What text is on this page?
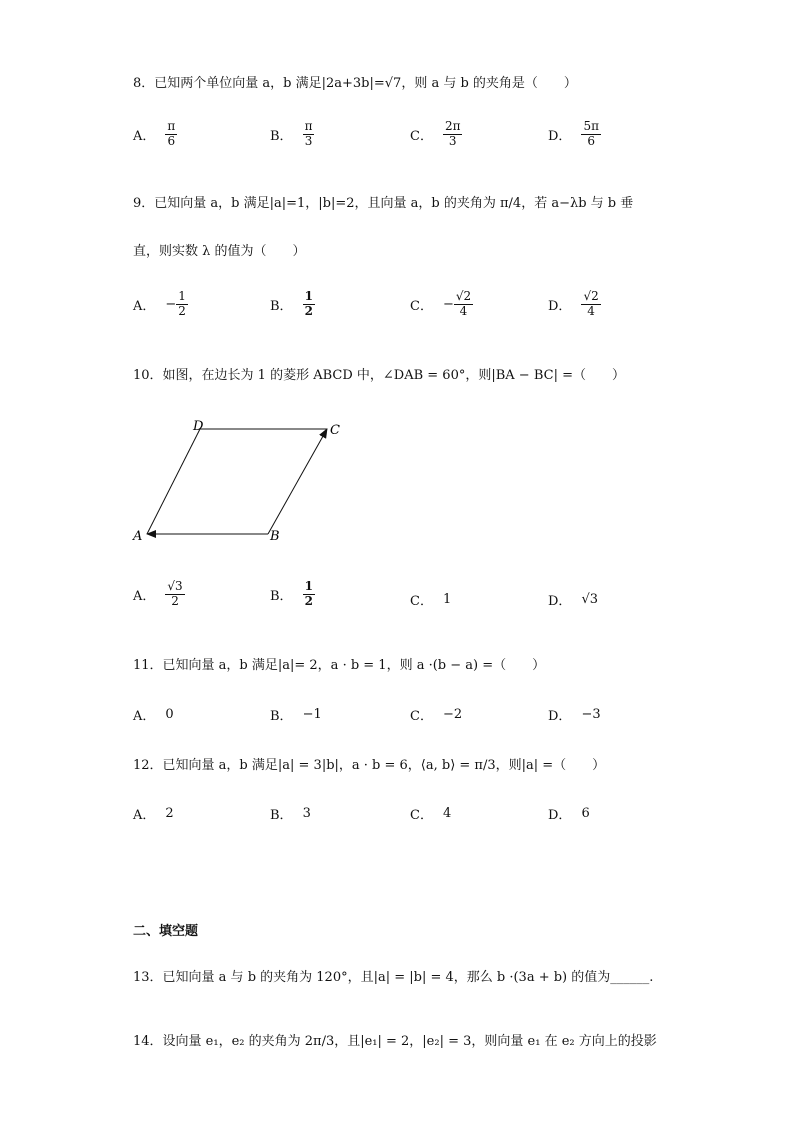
8．已知两个单位向量 a，b 满足|2a+3b|=√7，则 a 与 b 的夹角是（　　）
A． $\frac{\pi}{6}$	B． $\frac{\pi}{3}$	C． $\frac{2\pi}{3}$	D． $\frac{5\pi}{6}$
9．已知向量 a，b 满足|a|=1，|b|=2，且向量 a，b 的夹角为 π/4，若 a−λb 与 b 垂
直，则实数 λ 的值为（　　）
A． − $\frac{1}{2}$	B． $\frac{1}{2}$	C． − $\frac{√2}{4}$	D． $\frac{√2}{4}$
10．如图，在边长为 1 的菱形 ABCD 中，∠DAB = 60°，则|BA − BC| =（　　）
D	C
A	B
A． $\frac{√3}{2}$	B． $\frac{1}{2}$	C． 1	D． √3
11．已知向量 a，b 满足|a|= 2，a · b = 1，则 a ·(b − a) =（　　）
A． 0	B． −1	C． −2	D． −3
12．已知向量 a，b 满足|a| = 3|b|，a · b = 6，⟨a, b⟩ = π/3，则|a| =（　　）
A． 2	B． 3	C． 4	D． 6
二、填空题
13．已知向量 a 与 b 的夹角为 120°，且|a| = |b| = 4，那么 b ·(3a + b) 的值为______.
14．设向量 e₁，e₂ 的夹角为 2π/3，且|e₁| = 2，|e₂| = 3，则向量 e₁ 在 e₂ 方向上的投影
